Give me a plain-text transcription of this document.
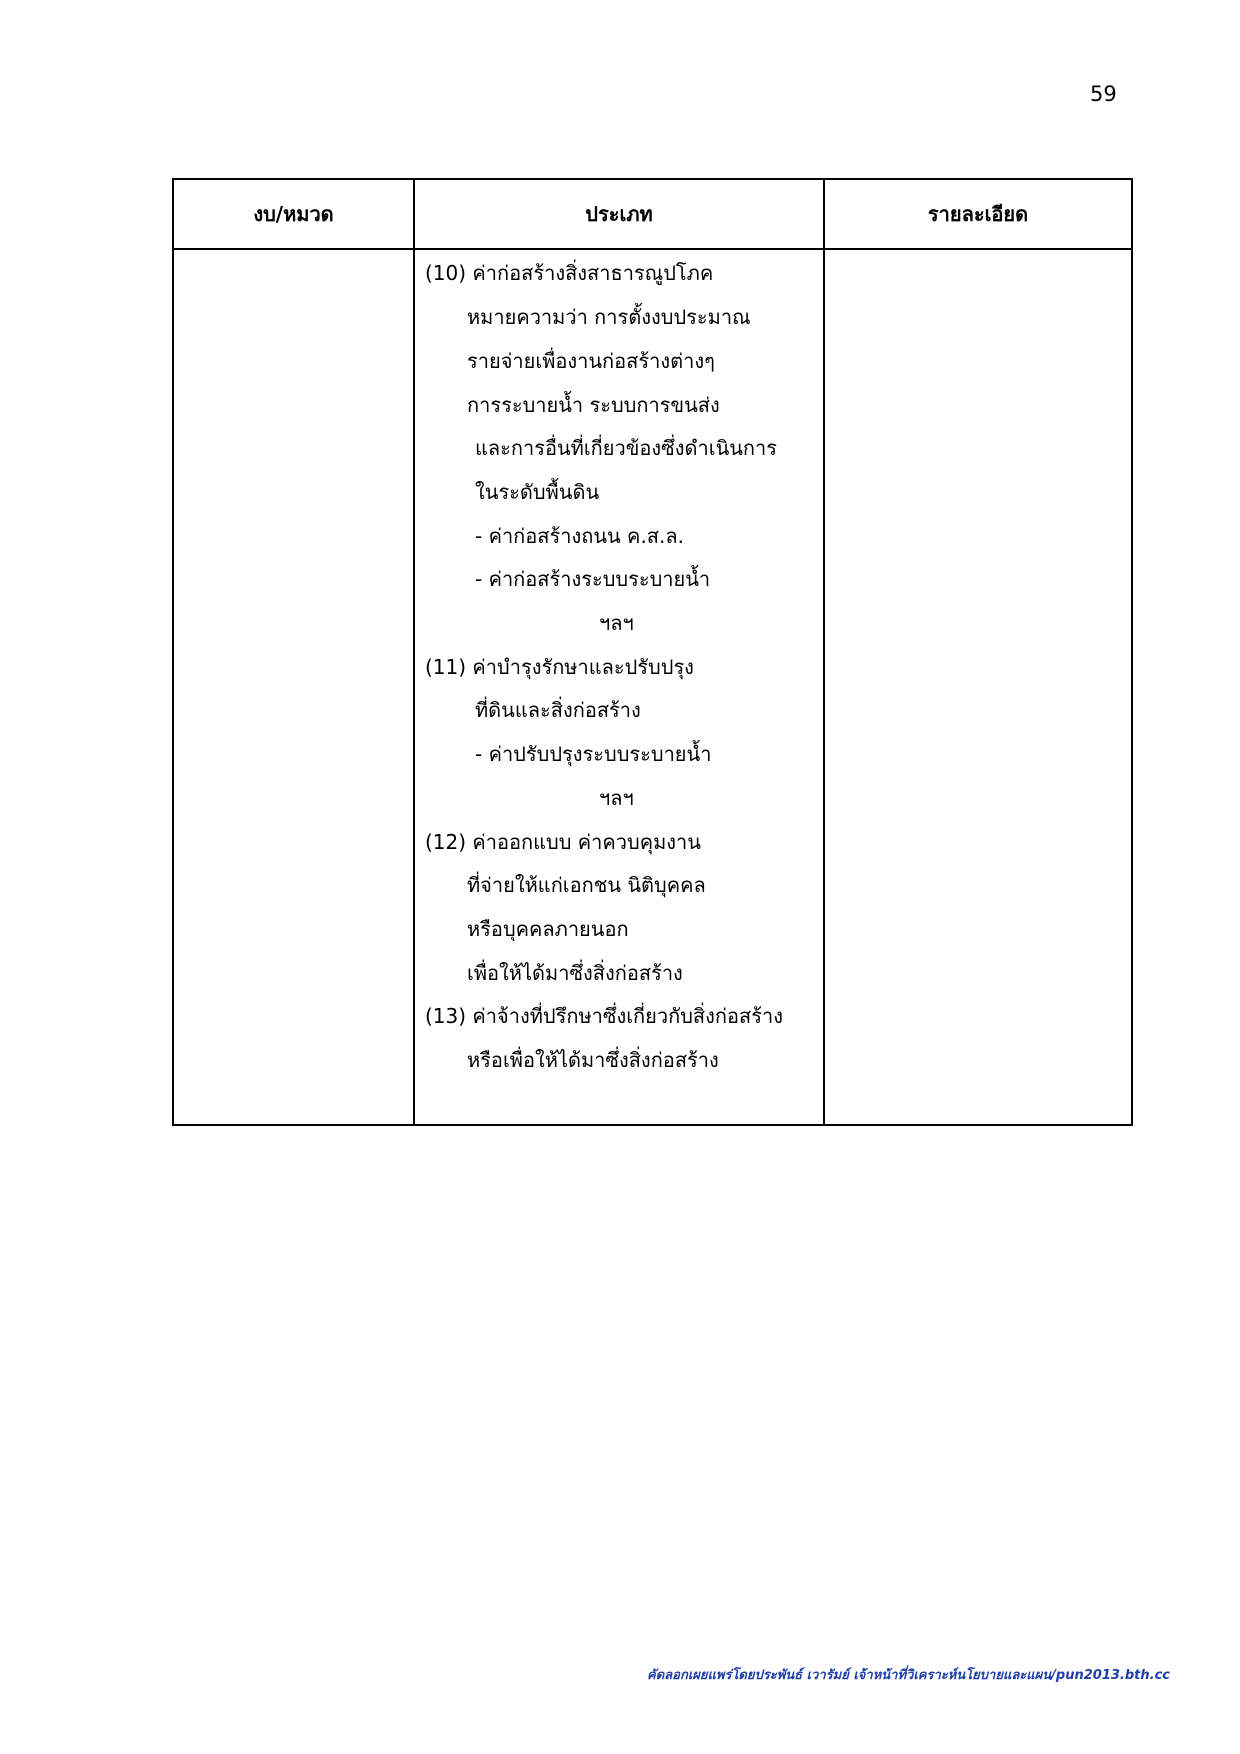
59
งบ/หมวด	ประเภท	รายละเอียด
(10) ค่าก่อสร้างสิ่งสาธารณูปโภค
หมายความว่า การตั้งงบประมาณ
รายจ่ายเพื่องานก่อสร้างต่างๆ
การระบายน้ำ ระบบการขนส่ง
และการอื่นที่เกี่ยวข้องซึ่งดำเนินการ
ในระดับพื้นดิน
- ค่าก่อสร้างถนน ค.ส.ล.
- ค่าก่อสร้างระบบระบายน้ำ
ฯลฯ
(11) ค่าบำรุงรักษาและปรับปรุง
ที่ดินและสิ่งก่อสร้าง
- ค่าปรับปรุงระบบระบายน้ำ
ฯลฯ
(12) ค่าออกแบบ ค่าควบคุมงาน
ที่จ่ายให้แก่เอกชน นิติบุคคล
หรือบุคคลภายนอก
เพื่อให้ได้มาซึ่งสิ่งก่อสร้าง
(13) ค่าจ้างที่ปรึกษาซึ่งเกี่ยวกับสิ่งก่อสร้าง
หรือเพื่อให้ได้มาซึ่งสิ่งก่อสร้าง
คัดลอกเผยแพร่โดยประพันธ์ เวารัมย์ เจ้าหน้าที่วิเคราะห์นโยบายและแผน/pun2013.bth.cc
